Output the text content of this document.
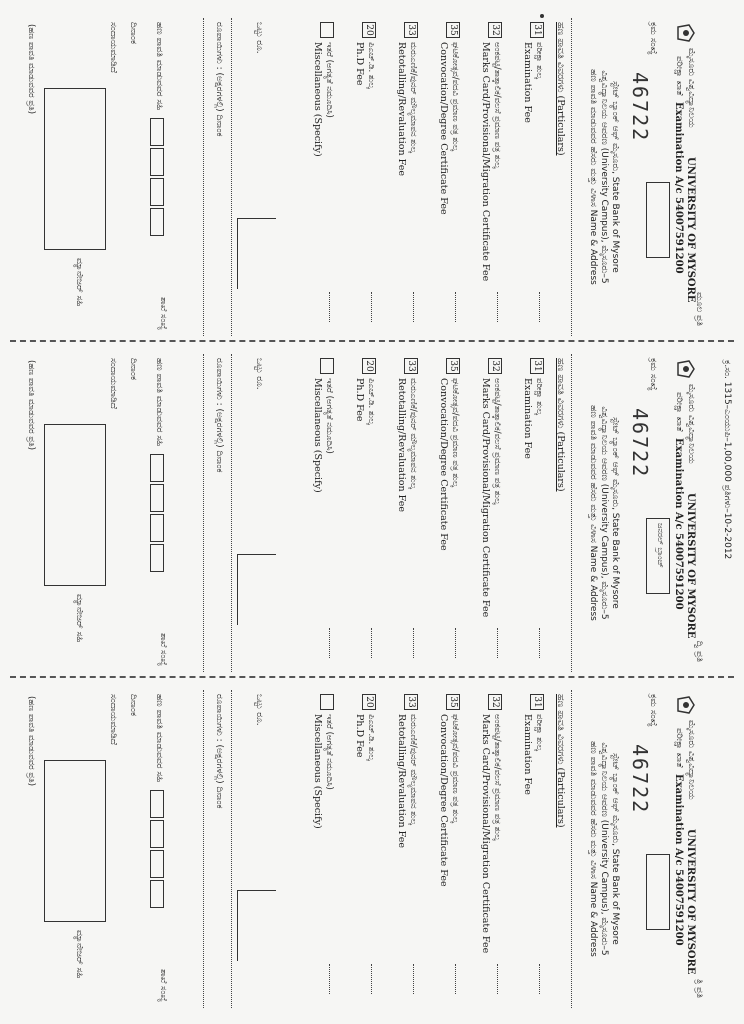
ಕ್ರ.ಸಂ. 1315–ಎಂಯುಪಿ–1,00,000 ಪ್ರತಿಗಳು–10-2-2012
ಮೂಲ ಪ್ರತಿ
ಮೈಸೂರು ವಿಶ್ವವಿದ್ಯಾನಿಲಯ
UNIVERSITY OF MYSORE
ಪರೀಕ್ಷಾ ಖಾತೆ
Examination A/c 54007591200
ಕ್ರಮ ಸಂಖ್ಯೆ
46722
ಸ್ಟೇಟ್ ಬ್ಯಾಂಕ್ ಆಫ್ ಮೈಸೂರು, State Bank of Mysore
ವಿಶ್ವವಿದ್ಯಾನಿಲಯ ಆವರಣ (University Campus), ಮೈಸೂರು–5
ಹಣ ಪಾವತಿ ಮಾಡುವವರ ಹೆಸರು ಮತ್ತು ವಿಳಾಸ Name & Address
ಹಣ ಪಾವತಿ ವಿವರಗಳು (Particulars)
31
ಪರೀಕ್ಷಾ ಶುಲ್ಕ
Examination Fee
32
ಅಂಕಪಟ್ಟಿ/ತಾತ್ಕಾಲಿಕ/ವಲಸೆ ಪ್ರಮಾಣ ಪತ್ರ ಶುಲ್ಕ
Marks Card/Provisional/Migration Certificate Fee
35
ಘಟಿಕೋತ್ಸವ/ಪದವಿ ಪ್ರಮಾಣ ಪತ್ರ ಶುಲ್ಕ
Convocation/Degree Certificate Fee
33
ಮರುಎಣಿಕೆ/ಪುನರ್ ಮೌಲ್ಯಮಾಪನ ಶುಲ್ಕ
Retotalling/Revaluation Fee
20
ಪಿಎಚ್.ಡಿ. ಶುಲ್ಕ
Ph.D Fee
ಇತರೆ (ಅಗತ್ಯತೆ ನಮೂದಿಸಿ)
Miscellaneous (Specify)
ಒಟ್ಟು ರೂ.
ರೂಪಾಯಿಗಳು : (ಅಕ್ಷರಗಳಲ್ಲಿ) ದಿನಾಂಕ
ಹಣ ಪಾವತಿ ಮಾಡುವವರ ಸಹಿ
ಶಾಖೆ ಸಂಖ್ಯೆ
ದಿನಾಂಕ
ಸಂದಾಯಮಾಡಿದೆ
ಮ್ಯಾನೇಜರ್ ಸಹಿ
(ಹಣ ಪಾವತಿ ಮಾಡುವವರ ಪ್ರತಿ)
ದ್ವಿ ಪ್ರತಿ
ಮೈಸೂರು ವಿಶ್ವವಿದ್ಯಾನಿಲಯ
UNIVERSITY OF MYSORE
ಪರೀಕ್ಷಾ ಖಾತೆ
Examination A/c 54007591200
ಜನರಲ್ ಬ್ರಾಂಚ್
ಕ್ರಮ ಸಂಖ್ಯೆ
46722
ಸ್ಟೇಟ್ ಬ್ಯಾಂಕ್ ಆಫ್ ಮೈಸೂರು, State Bank of Mysore
ವಿಶ್ವವಿದ್ಯಾನಿಲಯ ಆವರಣ (University Campus), ಮೈಸೂರು–5
ಹಣ ಪಾವತಿ ಮಾಡುವವರ ಹೆಸರು ಮತ್ತು ವಿಳಾಸ Name & Address
ಹಣ ಪಾವತಿ ವಿವರಗಳು (Particulars)
31
ಪರೀಕ್ಷಾ ಶುಲ್ಕ
Examination Fee
32
ಅಂಕಪಟ್ಟಿ/ತಾತ್ಕಾಲಿಕ/ವಲಸೆ ಪ್ರಮಾಣ ಪತ್ರ ಶುಲ್ಕ
Marks Card/Provisional/Migration Certificate Fee
35
ಘಟಿಕೋತ್ಸವ/ಪದವಿ ಪ್ರಮಾಣ ಪತ್ರ ಶುಲ್ಕ
Convocation/Degree Certificate Fee
33
ಮರುಎಣಿಕೆ/ಪುನರ್ ಮೌಲ್ಯಮಾಪನ ಶುಲ್ಕ
Retotalling/Revaluation Fee
20
ಪಿಎಚ್.ಡಿ. ಶುಲ್ಕ
Ph.D Fee
ಇತರೆ (ಅಗತ್ಯತೆ ನಮೂದಿಸಿ)
Miscellaneous (Specify)
ಒಟ್ಟು ರೂ.
ರೂಪಾಯಿಗಳು : (ಅಕ್ಷರಗಳಲ್ಲಿ) ದಿನಾಂಕ
ಹಣ ಪಾವತಿ ಮಾಡುವವರ ಸಹಿ
ಶಾಖೆ ಸಂಖ್ಯೆ
ದಿನಾಂಕ
ಸಂದಾಯಮಾಡಿದೆ
ಮ್ಯಾನೇಜರ್ ಸಹಿ
(ಹಣ ಪಾವತಿ ಮಾಡುವವರ ಪ್ರತಿ)
ತ್ರಿ ಪ್ರತಿ
ಮೈಸೂರು ವಿಶ್ವವಿದ್ಯಾನಿಲಯ
UNIVERSITY OF MYSORE
ಪರೀಕ್ಷಾ ಖಾತೆ
Examination A/c 54007591200
ಕ್ರಮ ಸಂಖ್ಯೆ
46722
ಸ್ಟೇಟ್ ಬ್ಯಾಂಕ್ ಆಫ್ ಮೈಸೂರು, State Bank of Mysore
ವಿಶ್ವವಿದ್ಯಾನಿಲಯ ಆವರಣ (University Campus), ಮೈಸೂರು–5
ಹಣ ಪಾವತಿ ಮಾಡುವವರ ಹೆಸರು ಮತ್ತು ವಿಳಾಸ Name & Address
ಹಣ ಪಾವತಿ ವಿವರಗಳು (Particulars)
31
ಪರೀಕ್ಷಾ ಶುಲ್ಕ
Examination Fee
32
ಅಂಕಪಟ್ಟಿ/ತಾತ್ಕಾಲಿಕ/ವಲಸೆ ಪ್ರಮಾಣ ಪತ್ರ ಶುಲ್ಕ
Marks Card/Provisional/Migration Certificate Fee
35
ಘಟಿಕೋತ್ಸವ/ಪದವಿ ಪ್ರಮಾಣ ಪತ್ರ ಶುಲ್ಕ
Convocation/Degree Certificate Fee
33
ಮರುಎಣಿಕೆ/ಪುನರ್ ಮೌಲ್ಯಮಾಪನ ಶುಲ್ಕ
Retotalling/Revaluation Fee
20
ಪಿಎಚ್.ಡಿ. ಶುಲ್ಕ
Ph.D Fee
ಇತರೆ (ಅಗತ್ಯತೆ ನಮೂದಿಸಿ)
Miscellaneous (Specify)
ಒಟ್ಟು ರೂ.
ರೂಪಾಯಿಗಳು : (ಅಕ್ಷರಗಳಲ್ಲಿ) ದಿನಾಂಕ
ಹಣ ಪಾವತಿ ಮಾಡುವವರ ಸಹಿ
ಶಾಖೆ ಸಂಖ್ಯೆ
ದಿನಾಂಕ
ಸಂದಾಯಮಾಡಿದೆ
ಮ್ಯಾನೇಜರ್ ಸಹಿ
(ಹಣ ಪಾವತಿ ಮಾಡುವವರ ಪ್ರತಿ)
